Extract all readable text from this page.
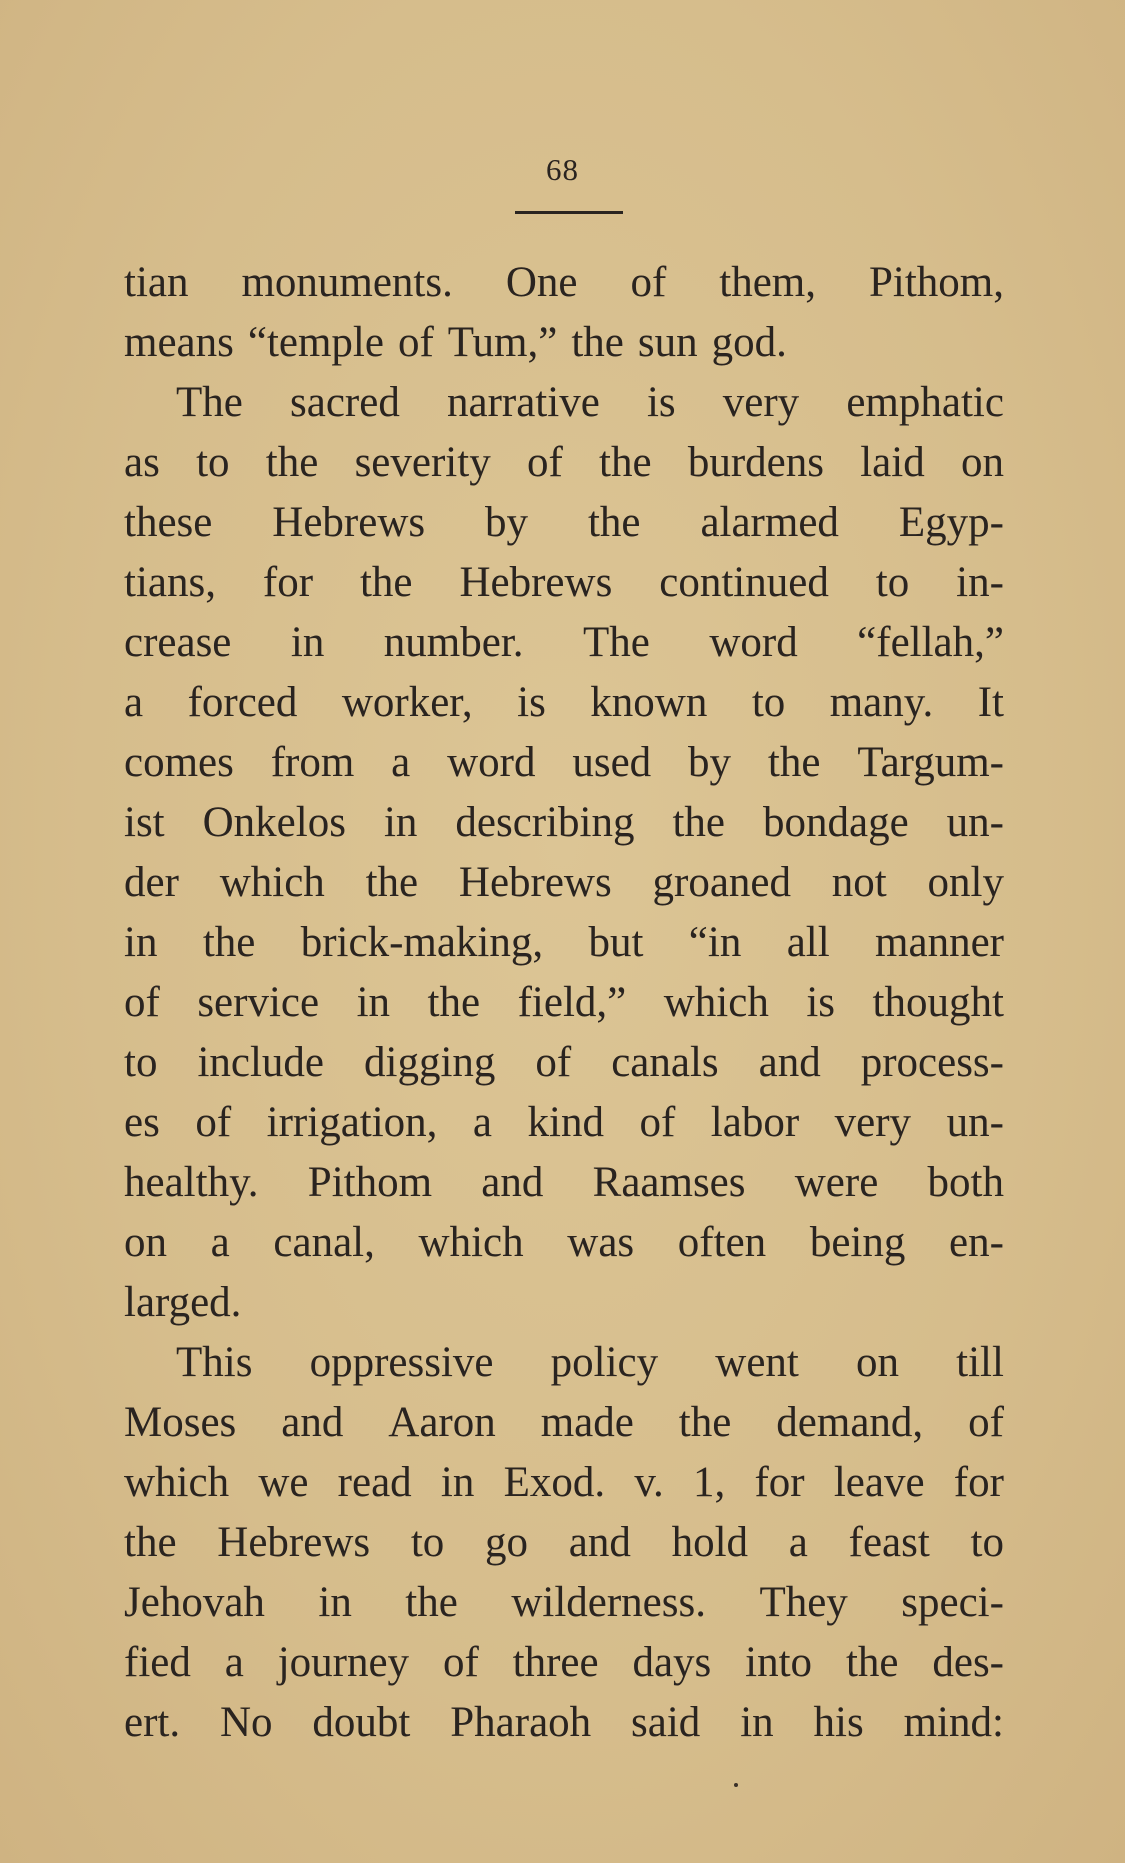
68
tian monuments. One of them, Pithom,
means “temple of Tum,” the sun god.
The sacred narrative is very emphatic
as to the severity of the burdens laid on
these Hebrews by the alarmed Egyp-
tians, for the Hebrews continued to in-
crease in number. The word “fellah,”
a forced worker, is known to many. It
comes from a word used by the Targum-
ist Onkelos in describing the bondage un-
der which the Hebrews groaned not only
in the brick-making, but “in all manner
of service in the field,” which is thought
to include digging of canals and process-
es of irrigation, a kind of labor very un-
healthy. Pithom and Raamses were both
on a canal, which was often being en-
larged.
This oppressive policy went on till
Moses and Aaron made the demand, of
which we read in Exod. v. 1, for leave for
the Hebrews to go and hold a feast to
Jehovah in the wilderness. They speci-
fied a journey of three days into the des-
ert. No doubt Pharaoh said in his mind:
